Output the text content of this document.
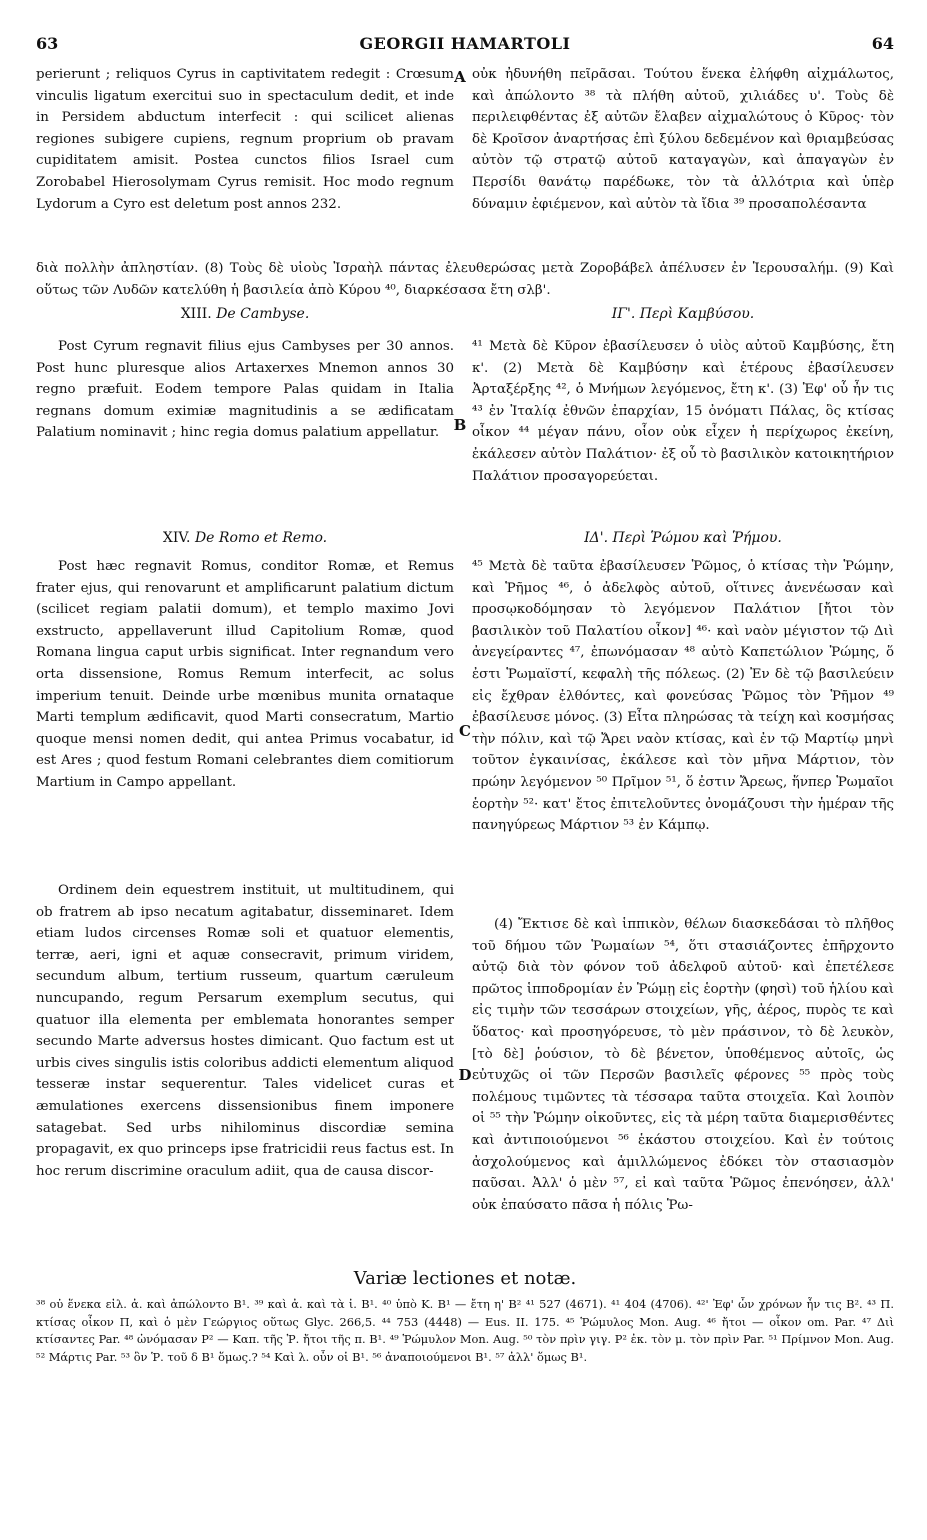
63	GEORGII HAMARTOLI	64

perierunt ; reliquos Cyrus in captivitatem redegit : Crœsum vinculis ligatum exercitui suo in spectaculum dedit, et inde in Persidem abductum interfecit : qui scilicet alienas regiones subigere cupiens, regnum proprium ob pravam cupiditatem amisit. Postea cunctos filios Israel cum Zorobabel Hierosolymam Cyrus remisit. Hoc modo regnum Lydorum a Cyro est deletum post annos 232.

οὐκ ἠδυνήθη πεῖρᾶσαι. Τούτου ἕνεκα ἐλήφθη αἰχμάλωτος, καὶ ἀπώλοντο ³⁸ τὰ πλήθη αὐτοῦ, χιλιάδες υ'. Τοὺς δὲ περιλειφθέντας ἐξ αὐτῶν ἔλαβεν αἰχμαλώτους ὁ Κῦρος· τὸν δὲ Κροῖσον ἀναρτήσας ἐπὶ ξύλου δεδεμένον καὶ θριαμβεύσας αὐτὸν τῷ στρατῷ αὐτοῦ καταγαγὼν, καὶ ἀπαγαγὼν ἐν Περσίδι θανάτῳ παρέδωκε, τὸν τὰ ἀλλότρια καὶ ὑπὲρ δύναμιν ἐφιέμενον, καὶ αὐτὸν τὰ ἴδια ³⁹ προσαπολέσαντα

διὰ πολλὴν ἀπληστίαν. (8) Τοὺς δὲ υἱοὺς Ἰσραὴλ πάντας ἐλευθερώσας μετὰ Ζοροβάβελ ἀπέλυσεν ἐν Ἱερουσαλήμ. (9) Καὶ οὕτως τῶν Λυδῶν κατελύθη ἡ βασιλεία ἀπὸ Κύρου ⁴⁰, διαρκέσασα ἔτη σλβ'.

XIII. De Cambyse.	ΙΓ'. Περὶ Καμβύσου.

Post Cyrum regnavit filius ejus Cambyses per 30 annos. Post hunc pluresque alios Artaxerxes Mnemon annos 30 regno præfuit. Eodem tempore Palas quidam in Italia regnans domum eximiæ magnitudinis a se ædificatam Palatium nominavit ; hinc regia domus palatium appellatur.

⁴¹ Μετὰ δὲ Κῦρον ἐβασίλευσεν ὁ υἱὸς αὐτοῦ Καμβύσης, ἔτη κ'. (2) Μετὰ δὲ Καμβύσην καὶ ἑτέρους ἐβασίλευσεν Ἀρταξέρξης ⁴², ὁ Μνήμων λεγόμενος, ἔτη κ'. (3) Ἐφ' οὗ ἦν τις ⁴³ ἐν Ἰταλίᾳ ἐθνῶν ἐπαρχίαν, 15 ὀνόματι Πάλας, ὃς κτίσας οἶκον ⁴⁴ μέγαν πάνυ, οἷον οὐκ εἶχεν ἡ περίχωρος ἐκείνη, ἐκάλεσεν αὐτὸν Παλάτιον· ἐξ οὗ τὸ βασιλικὸν κατοικητήριον Παλάτιον προσαγορεύεται.

XIV. De Romo et Remo.	ΙΔ'. Περὶ Ῥώμου καὶ Ῥήμου.

Post hæc regnavit Romus, conditor Romæ, et Remus frater ejus, qui renovarunt et amplificarunt palatium dictum (scilicet regiam palatii domum), et templo maximo Jovi exstructo, appellaverunt illud Capitolium Romæ, quod Romana lingua caput urbis significat. Inter regnandum vero orta dissensione, Romus Remum interfecit, ac solus imperium tenuit. Deinde urbe mœnibus munita ornataque Marti templum ædificavit, quod Marti consecratum, Martio quoque mensi nomen dedit, qui antea Primus vocabatur, id est Ares ; quod festum Romani celebrantes diem comitiorum Martium in Campo appellant.

Ordinem dein equestrem instituit, ut multitudinem, qui ob fratrem ab ipso necatum agitabatur, disseminaret. Idem etiam ludos circenses Romæ soli et quatuor elementis, terræ, aeri, igni et aquæ consecravit, primum viridem, secundum album, tertium russeum, quartum cæruleum nuncupando, regum Persarum exemplum secutus, qui quatuor illa elementa per emblemata honorantes semper secundo Marte adversus hostes dimicant. Quo factum est ut urbis cives singulis istis coloribus addicti elementum aliquod tesseræ instar sequerentur. Tales videlicet curas et æmulationes exercens dissensionibus finem imponere satagebat. Sed urbs nihilominus discordiæ semina propagavit, ex quo princeps ipse fratricidii reus factus est. In hoc rerum discrimine oraculum adiit, qua de causa discor-

⁴⁵ Μετὰ δὲ ταῦτα ἐβασίλευσεν Ῥῶμος, ὁ κτίσας τὴν Ῥώμην, καὶ Ῥῆμος ⁴⁶, ὁ ἀδελφὸς αὐτοῦ, οἵτινες ἀνενέωσαν καὶ προσῳκοδόμησαν τὸ λεγόμενον Παλάτιον [ἤτοι τὸν βασιλικὸν τοῦ Παλατίου οἶκον] ⁴⁶· καὶ ναὸν μέγιστον τῷ Διὶ ἀνεγείραντες ⁴⁷, ἐπωνόμασαν ⁴⁸ αὐτὸ Καπετώλιον Ῥώμης, ὅ ἐστι Ῥωμαϊστί, κεφαλὴ τῆς πόλεως. (2) Ἐν δὲ τῷ βασιλεύειν εἰς ἔχθραν ἐλθόντες, καὶ φονεύσας Ῥῶμος τὸν Ῥῆμον ⁴⁹ ἐβασίλευσε μόνος. (3) Εἶτα πληρώσας τὰ τείχη καὶ κοσμήσας τὴν πόλιν, καὶ τῷ Ἄρει ναὸν κτίσας, καὶ ἐν τῷ Μαρτίῳ μηνὶ τοῦτον ἐγκαινίσας, ἐκάλεσε καὶ τὸν μῆνα Μάρτιον, τὸν πρώην λεγόμενον ⁵⁰ Πρῖμον ⁵¹, ὅ ἐστιν Ἄρεως, ἥνπερ Ῥωμαῖοι ἑορτὴν ⁵²· κατ' ἔτος ἐπιτελοῦντες ὀνομάζουσι τὴν ἡμέραν τῆς πανηγύρεως Μάρτιον ⁵³ ἐν Κάμπῳ.

(4) Ἔκτισε δὲ καὶ ἱππικὸν, θέλων διασκεδάσαι τὸ πλῆθος τοῦ δήμου τῶν Ῥωμαίων ⁵⁴, ὅτι στασιάζοντες ἐπῆρχοντο αὐτῷ διὰ τὸν φόνον τοῦ ἀδελφοῦ αὐτοῦ· καὶ ἐπετέλεσε πρῶτος ἱπποδρομίαν ἐν Ῥώμῃ εἰς ἑορτὴν (φησὶ) τοῦ ἡλίου καὶ εἰς τιμὴν τῶν τεσσάρων στοιχείων, γῆς, ἀέρος, πυρὸς τε καὶ ὕδατος· καὶ προσηγόρευσε, τὸ μὲν πράσινον, τὸ δὲ λευκὸν, [τὸ δὲ] ῥούσιον, τὸ δὲ βένετον, ὑποθέμενος αὐτοῖς, ὡς εὐτυχῶς οἱ τῶν Περσῶν βασιλεῖς φέρονες ⁵⁵ πρὸς τοὺς πολέμους τιμῶντες τὰ τέσσαρα ταῦτα στοιχεῖα. Καὶ λοιπὸν οἱ ⁵⁵ τὴν Ῥώμην οἰκοῦντες, εἰς τὰ μέρη ταῦτα διαμερισθέντες καὶ ἀντιποιούμενοι ⁵⁶ ἑκάστου στοιχείου. Καὶ ἐν τούτοις ἀσχολούμενος καὶ ἁμιλλώμενος ἐδόκει τὸν στασιασμὸν παῦσαι. Ἀλλ' ὁ μὲν ⁵⁷, εἰ καὶ ταῦτα Ῥῶμος ἐπενόησεν, ἀλλ' οὐκ ἐπαύσατο πᾶσα ἡ πόλις Ῥω-

A
B
C
D
Variæ lectiones et notæ.

³⁸ οὐ ἕνεκα εἰλ. ἀ. καὶ ἀπώλοντο Β¹. ³⁹ καὶ ἀ. καὶ τὰ ἰ. Β¹. ⁴⁰ ὑπὸ Κ. Β¹ — ἔτη η' Β² ⁴¹ 527 (4671). ⁴¹ 404 (4706). ⁴²' Ἐφ' ὧν χρόνων ἦν τις Β². ⁴³ Π. κτίσας οἶκον Π, καὶ ὁ μὲν Γεώργιος οὕτως Glyc. 266,5. ⁴⁴ 753 (4448) — Eus. II. 175. ⁴⁵ Ῥώμυλος Mon. Aug. ⁴⁶ ἤτοι — οἶκον om. Par. ⁴⁷ Διὶ κτίσαντες Par. ⁴⁸ ὠνόμασαν Ρ² — Καπ. τῆς Ῥ. ἤτοι τῆς π. Β¹. ⁴⁹ Ῥώμυλον Mon. Aug. ⁵⁰ τὸν πρὶν γιγ. Ρ² ἐκ. τὸν μ. τὸν πρὶν Par. ⁵¹ Πρίμνον Mon. Aug. ⁵² Μάρτις Par. ⁵³ ὃν Ῥ. τοῦ δ Β¹ ὅμως.? ⁵⁴ Καὶ λ. οὖν οἱ Β¹. ⁵⁶ ἀναποιούμενοι Β¹. ⁵⁷ ἀλλ' ὅμως Β¹.
